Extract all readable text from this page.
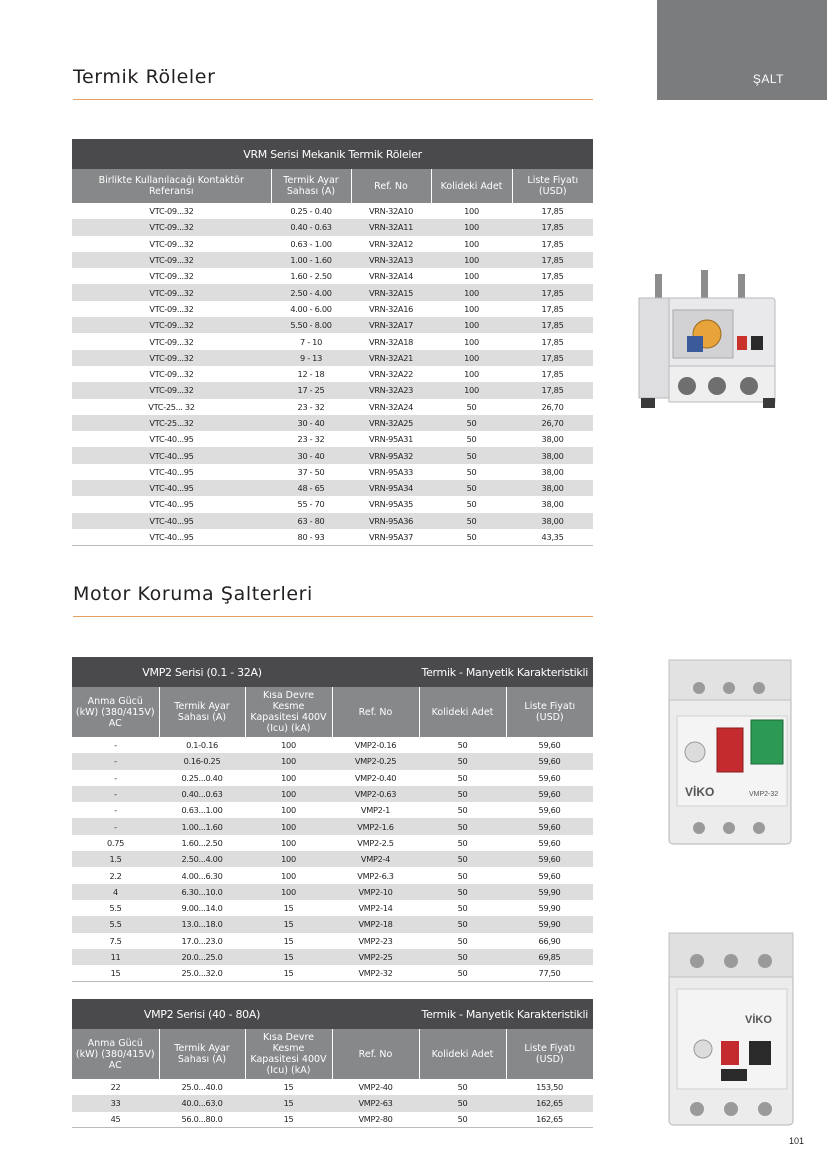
ŞALT
Termik Röleler
VRM Serisi Mekanik Termik Röleler				
Birlikte Kullanılacağı Kontaktör Referansı	Termik Ayar Sahası (A)	Ref. No	Kolideki Adet	Liste Fiyatı (USD)
VTC-09...32	0.25 - 0.40	VRN-32A10	100	17,85
VTC-09...32	0.40 - 0.63	VRN-32A11	100	17,85
VTC-09...32	0.63 - 1.00	VRN-32A12	100	17,85
VTC-09...32	1.00 - 1.60	VRN-32A13	100	17,85
VTC-09...32	1.60 - 2.50	VRN-32A14	100	17,85
VTC-09...32	2.50 - 4.00	VRN-32A15	100	17,85
VTC-09...32	4.00 - 6.00	VRN-32A16	100	17,85
VTC-09...32	5.50 - 8.00	VRN-32A17	100	17,85
VTC-09...32	7 - 10	VRN-32A18	100	17,85
VTC-09...32	9 - 13	VRN-32A21	100	17,85
VTC-09...32	12 - 18	VRN-32A22	100	17,85
VTC-09...32	17 - 25	VRN-32A23	100	17,85
VTC-25... 32	23 - 32	VRN-32A24	50	26,70
VTC-25...32	30 - 40	VRN-32A25	50	26,70
VTC-40...95	23 - 32	VRN-95A31	50	38,00
VTC-40...95	30 - 40	VRN-95A32	50	38,00
VTC-40...95	37 - 50	VRN-95A33	50	38,00
VTC-40...95	48 - 65	VRN-95A34	50	38,00
VTC-40...95	55 - 70	VRN-95A35	50	38,00
VTC-40...95	63 - 80	VRN-95A36	50	38,00
VTC-40...95	80 - 93	VRN-95A37	50	43,35
Motor Koruma Şalterleri
VMP2 Serisi (0.1 - 32A)			Termik - Manyetik Karakteristikli		
Anma Gücü (kW) (380/415V) AC	Termik Ayar Sahası (A)	Kısa Devre Kesme Kapasitesi 400V (Icu) (kA)	Ref. No	Kolideki Adet	Liste Fiyatı (USD)
-	0.1-0.16	100	VMP2-0.16	50	59,60
-	0.16-0.25	100	VMP2-0.25	50	59,60
-	0.25...0.40	100	VMP2-0.40	50	59,60
-	0.40...0.63	100	VMP2-0.63	50	59,60
-	0.63...1.00	100	VMP2-1	50	59,60
-	1.00...1.60	100	VMP2-1.6	50	59,60
0.75	1.60...2.50	100	VMP2-2.5	50	59,60
1.5	2.50...4.00	100	VMP2-4	50	59,60
2.2	4.00...6.30	100	VMP2-6.3	50	59,60
4	6.30...10.0	100	VMP2-10	50	59,90
5.5	9.00...14.0	15	VMP2-14	50	59,90
5.5	13.0...18.0	15	VMP2-18	50	59,90
7.5	17.0...23.0	15	VMP2-23	50	66,90
11	20.0...25.0	15	VMP2-25	50	69,85
15	25.0...32.0	15	VMP2-32	50	77,50
VMP2 Serisi (40 - 80A)			Termik - Manyetik Karakteristikli		
Anma Gücü (kW) (380/415V) AC	Termik Ayar Sahası (A)	Kısa Devre Kesme Kapasitesi 400V (Icu) (kA)	Ref. No	Kolideki Adet	Liste Fiyatı (USD)
22	25.0...40.0	15	VMP2-40	50	153,50
33	40.0...63.0	15	VMP2-63	50	162,65
45	56.0...80.0	15	VMP2-80	50	162,65
VİKO	VMP2-32
VİKO
101
